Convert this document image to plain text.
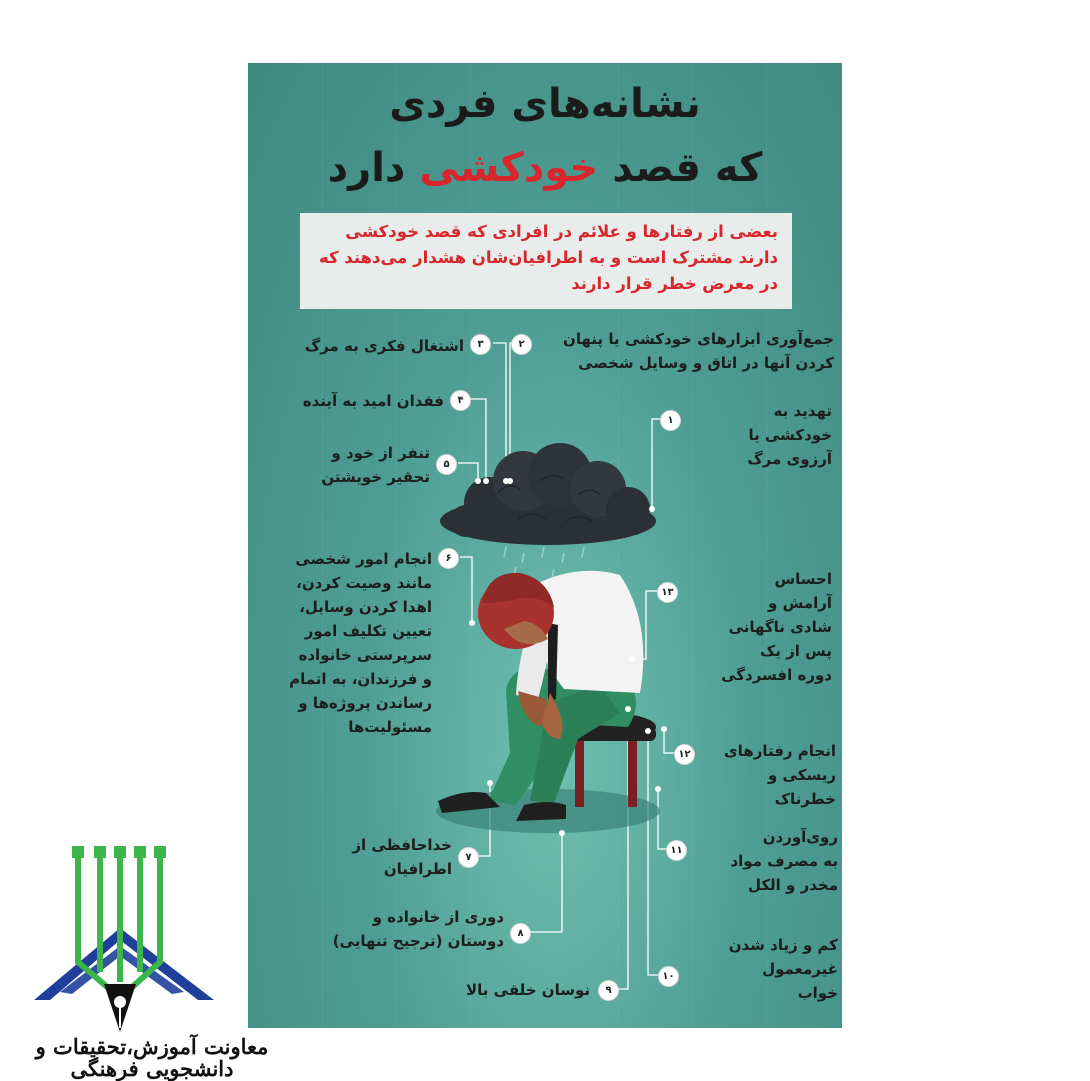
نشانه‌های فردی
که قصد خودکشی دارد
بعضی از رفتارها و علائم در افرادی که قصد خودکشی دارند مشترک است و به اطرافیان‌شان هشدار می‌دهند که در معرض خطر قرار دارند
۱
۲
۳
۴
۵
۶
۷
۸
۹
۱۰
۱۱
۱۲
۱۳
تهدید به
خودکشی یا
آرزوی مرگ
جمع‌آوری ابزارهای خودکشی یا پنهان
کردن آنها در اتاق و وسایل شخصی
اشتغال فکری به مرگ
فقدان امید به آینده
تنفر از خود و
تحقیر خویشتن
انجام امور شخصی
مانند وصیت کردن،
اهدا کردن وسایل،
تعیین تکلیف امور
سرپرستی خانواده
و فرزندان، به اتمام
رساندن پروژه‌ها و
مسئولیت‌ها
خداحافظی از
اطرافیان
دوری از خانواده و
دوستان (ترجیح تنهایی)
نوسان خلقی بالا
کم و زیاد شدن
غیرمعمول
خواب
روی‌آوردن
به مصرف مواد
مخدر و الکل
انجام رفتارهای
ریسکی و
خطرناک
احساس
آرامش و
شادی ناگهانی
پس از یک
دوره افسردگی
معاونت آموزش،تحقیقات و
دانشجویی فرهنگی
